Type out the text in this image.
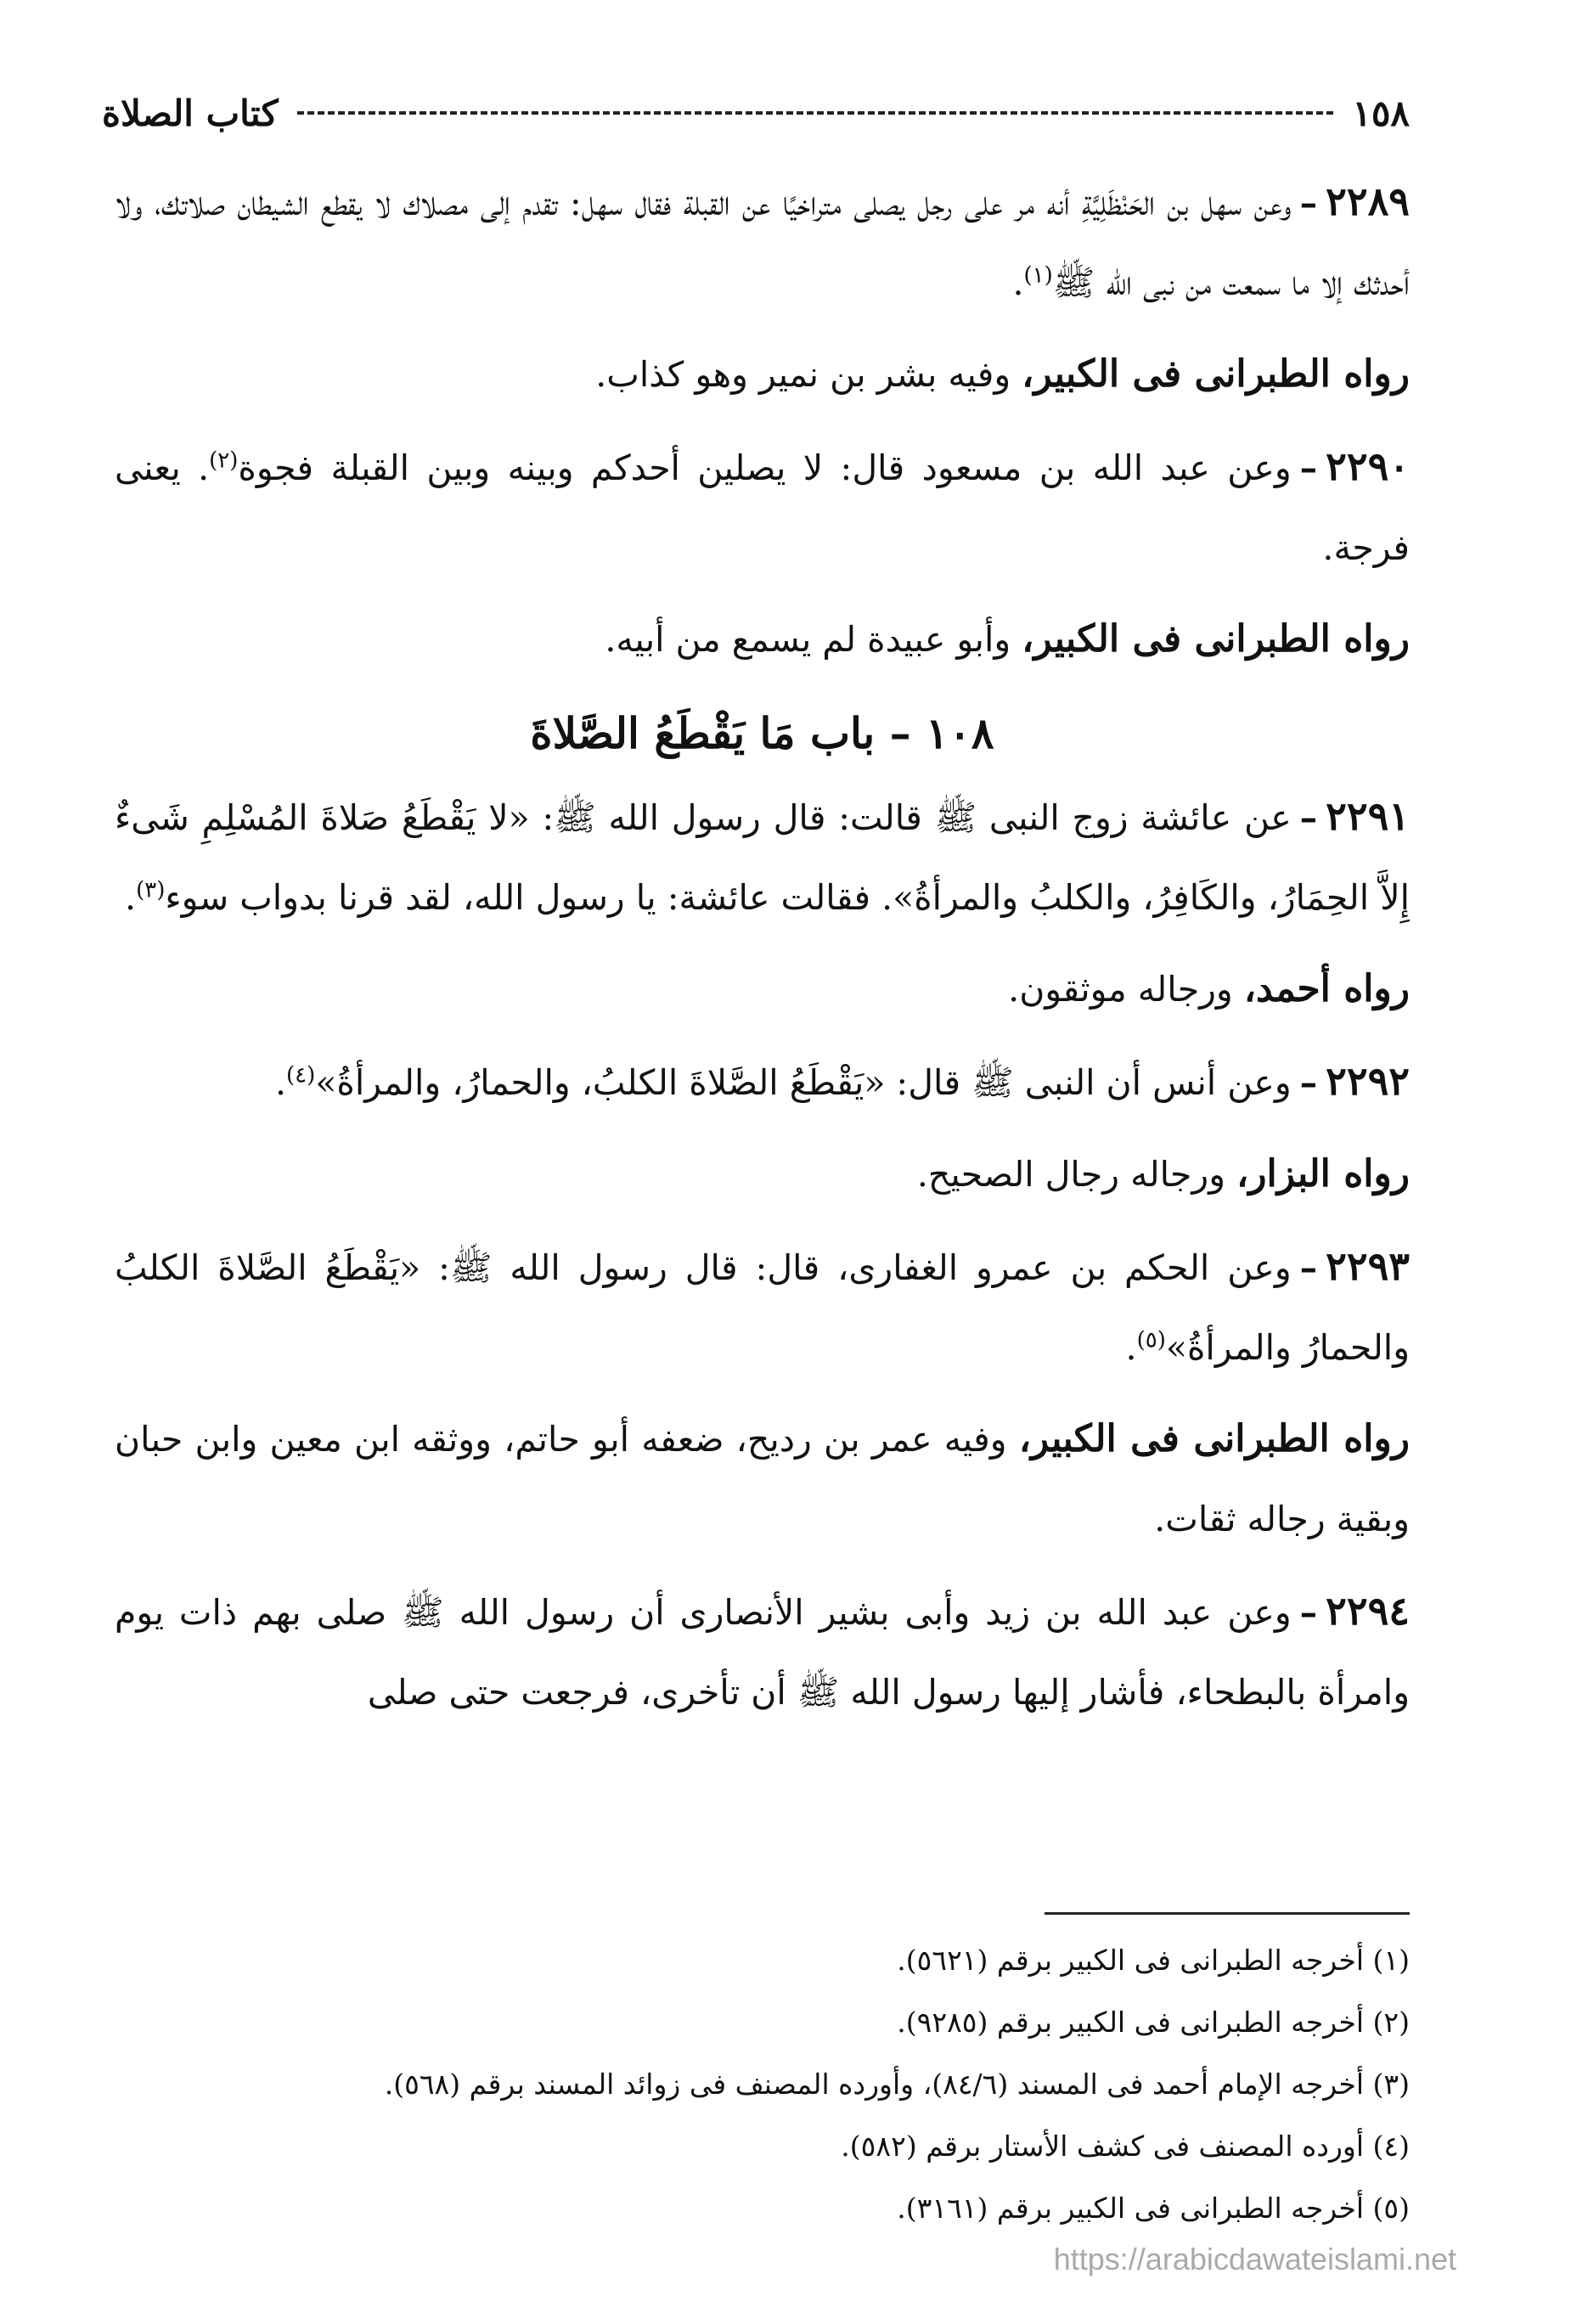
١٥٨
كتاب الصلاة

٢٢٨٩–وعن سهل بن الحَنْظَلِيَّةِ أنه مر على رجل يصلى متراخيًا عن القبلة فقال سهل: تقدم إلى مصلاك لا يقطع الشيطان صلاتك، ولا أحدثك إلا ما سمعت من نبى الله ﷺ$^{(١)}$.

رواه الطبرانى فى الكبير، وفيه بشر بن نمير وهو كذاب.

٢٢٩٠–وعن عبد الله بن مسعود قال: لا يصلين أحدكم وبينه وبين القبلة فجوة$^{(٢)}$. يعنى فرجة.

رواه الطبرانى فى الكبير، وأبو عبيدة لم يسمع من أبيه.

١٠٨ – باب مَا يَقْطَعُ الصَّلاةَ

٢٢٩١–عن عائشة زوج النبى ﷺ قالت: قال رسول الله ﷺ: «لا يَقْطَعُ صَلاةَ المُسْلِمِ شَىءٌ إِلاَّ الحِمَارُ، والكَافِرُ، والكلبُ والمرأةُ». فقالت عائشة: يا رسول الله، لقد قرنا بدواب سوء$^{(٣)}$.

رواه أحمد، ورجاله موثقون.

٢٢٩٢–وعن أنس أن النبى ﷺ قال: «يَقْطَعُ الصَّلاةَ الكلبُ، والحمارُ، والمرأةُ»$^{(٤)}$.

رواه البزار، ورجاله رجال الصحيح.

٢٢٩٣–وعن الحكم بن عمرو الغفارى، قال: قال رسول الله ﷺ: «يَقْطَعُ الصَّلاةَ الكلبُ والحمارُ والمرأةُ»$^{(٥)}$.

رواه الطبرانى فى الكبير، وفيه عمر بن رديح، ضعفه أبو حاتم، ووثقه ابن معين وابن حبان وبقية رجاله ثقات.

٢٢٩٤–وعن عبد الله بن زيد وأبى بشير الأنصارى أن رسول الله ﷺ صلى بهم ذات يوم وامرأة بالبطحاء، فأشار إليها رسول الله ﷺ أن تأخرى، فرجعت حتى صلى

(١) أخرجه الطبرانى فى الكبير برقم (٥٦٢١).

(٢) أخرجه الطبرانى فى الكبير برقم (٩٢٨٥).

(٣) أخرجه الإمام أحمد فى المسند (٨٤/٦)، وأورده المصنف فى زوائد المسند برقم (٥٦٨).

(٤) أورده المصنف فى كشف الأستار برقم (٥٨٢).

(٥) أخرجه الطبرانى فى الكبير برقم (٣١٦١).

https://arabicdawateislami.net
